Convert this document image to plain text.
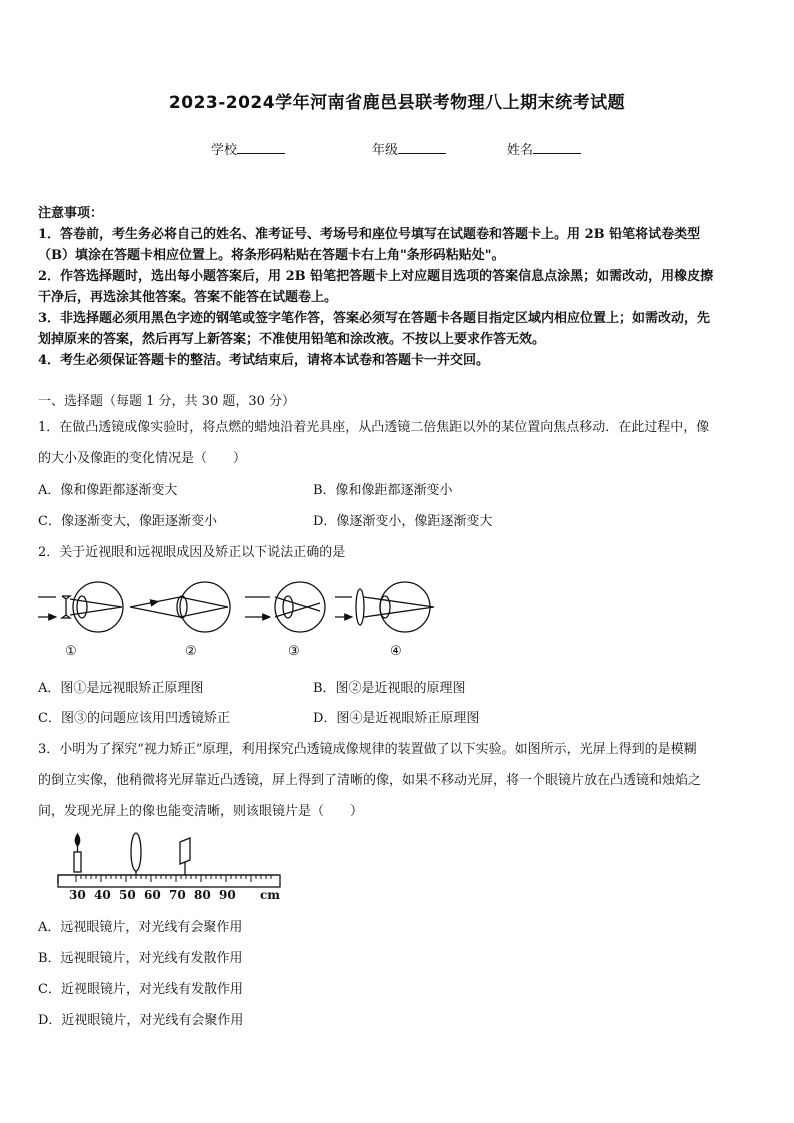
2023-2024学年河南省鹿邑县联考物理八上期末统考试题
学校	年级	姓名
注意事项：
1．答卷前，考生务必将自己的姓名、准考证号、考场号和座位号填写在试题卷和答题卡上。用 2B 铅笔将试卷类型
（B）填涂在答题卡相应位置上。将条形码粘贴在答题卡右上角"条形码粘贴处"。
2．作答选择题时，选出每小题答案后，用 2B 铅笔把答题卡上对应题目选项的答案信息点涂黑；如需改动，用橡皮擦
干净后，再选涂其他答案。答案不能答在试题卷上。
3．非选择题必须用黑色字迹的钢笔或签字笔作答，答案必须写在答题卡各题目指定区域内相应位置上；如需改动，先
划掉原来的答案，然后再写上新答案；不准使用铅笔和涂改液。不按以上要求作答无效。
4．考生必须保证答题卡的整洁。考试结束后，请将本试卷和答题卡一并交回。
一、选择题（每题 1 分，共 30 题，30 分）
1．在做凸透镜成像实验时，将点燃的蜡烛沿着光具座，从凸透镜二倍焦距以外的某位置向焦点移动．在此过程中，像
的大小及像距的变化情况是（　　）
A．像和像距都逐渐变大	B．像和像距都逐渐变小
C．像逐渐变大，像距逐渐变小	D．像逐渐变小，像距逐渐变大
2．关于近视眼和远视眼成因及矫正以下说法正确的是
①	②	③	④
A．图①是远视眼矫正原理图	B．图②是近视眼的原理图
C．图③的问题应该用凹透镜矫正	D．图④是近视眼矫正原理图
3．小明为了探究“视力矫正”原理，利用探究凸透镜成像规律的装置做了以下实验。如图所示，光屏上得到的是模糊
的倒立实像，他稍微将光屏靠近凸透镜，屏上得到了清晰的像，如果不移动光屏，将一个眼镜片放在凸透镜和烛焰之
间，发现光屏上的像也能变清晰，则该眼镜片是（　　）
30 40 50 60 70 80 90 cm
A．远视眼镜片，对光线有会聚作用
B．远视眼镜片，对光线有发散作用
C．近视眼镜片，对光线有发散作用
D．近视眼镜片，对光线有会聚作用
